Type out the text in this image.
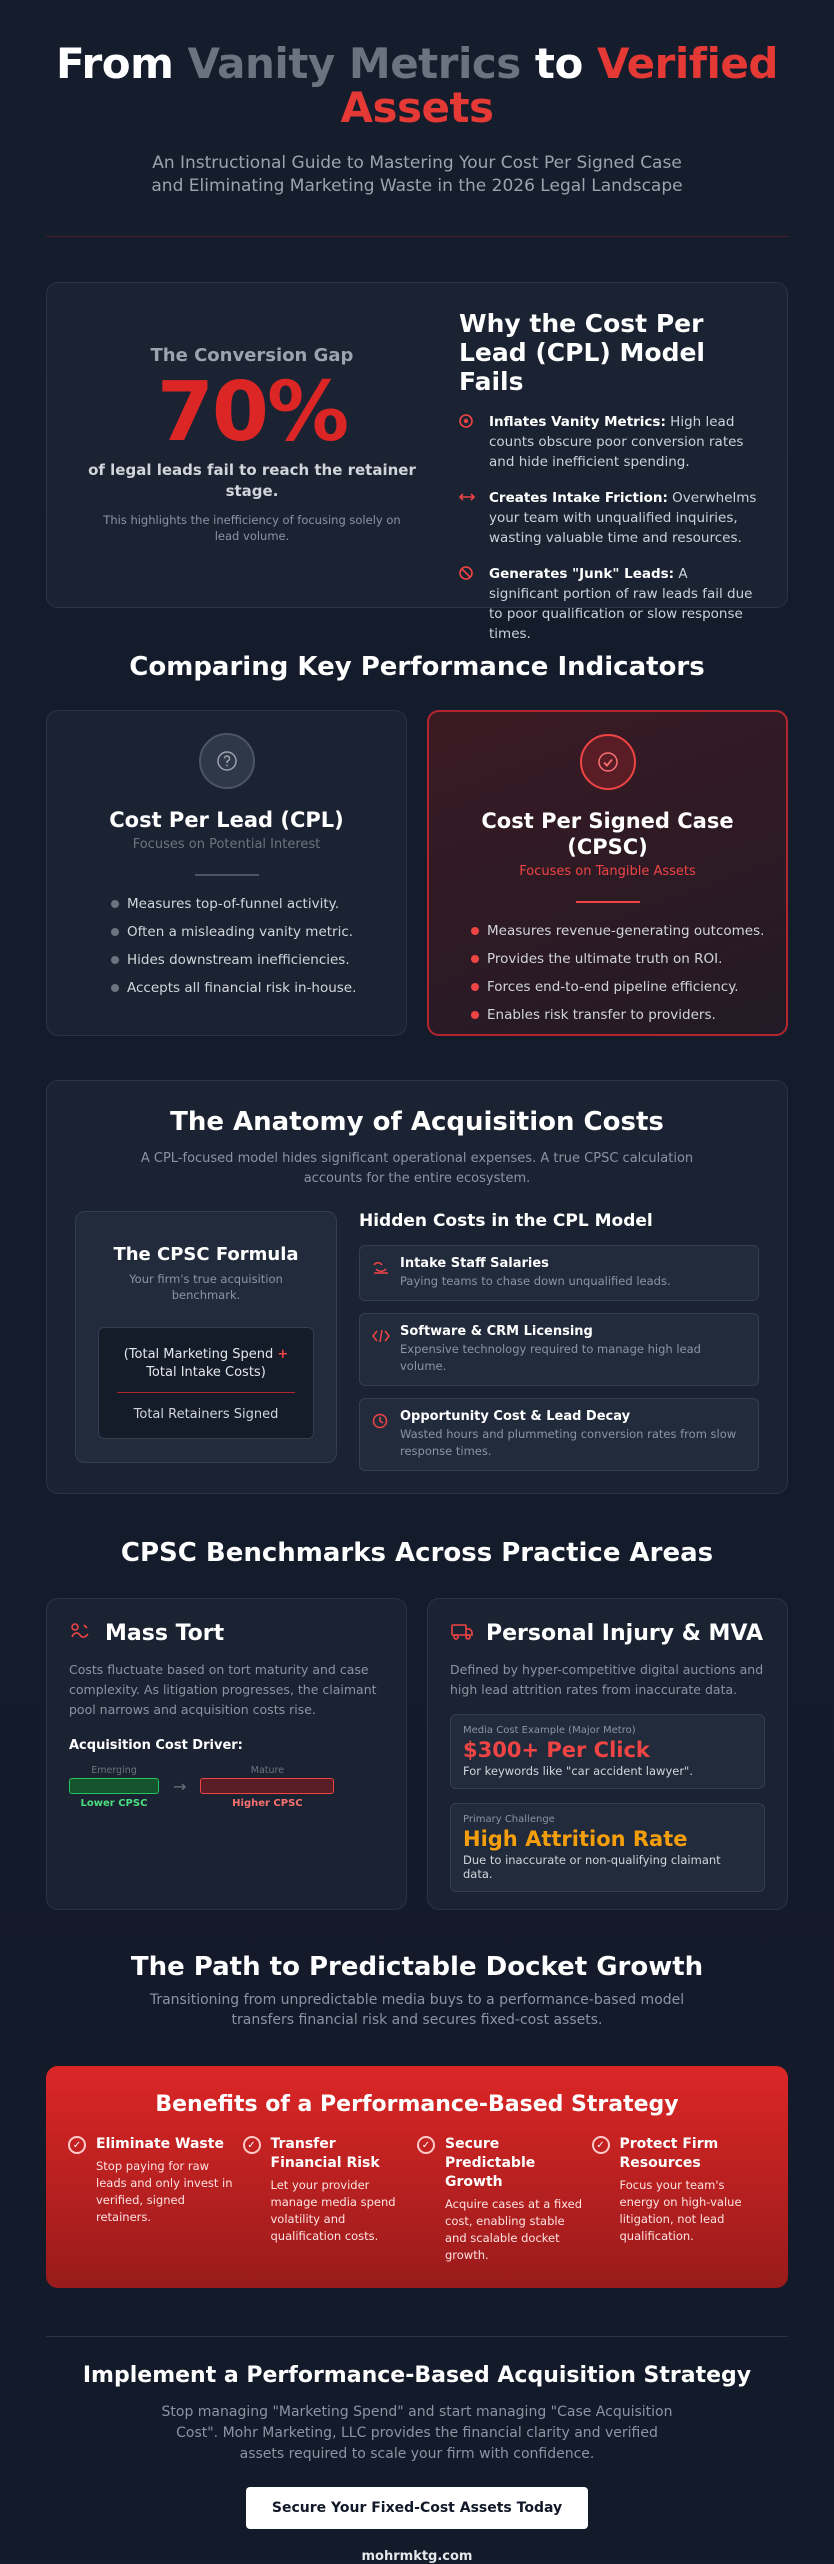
From Vanity Metrics to Verified Assets

An Instructional Guide to Mastering Your Cost Per Signed Case and Eliminating Marketing Waste in the 2026 Legal Landscape

The Conversion Gap
70%
of legal leads fail to reach the retainer stage.
This highlights the inefficiency of focusing solely on lead volume.
Why the Cost Per Lead (CPL) Model Fails

Inflates Vanity Metrics: High lead counts obscure poor conversion rates and hide inefficient spending.

Creates Intake Friction: Overwhelms your team with unqualified inquiries, wasting valuable time and resources.

Generates "Junk" Leads: A significant portion of raw leads fail due to poor qualification or slow response times.

Comparing Key Performance Indicators
Cost Per Lead (CPL)
Focuses on Potential Interest
Measures top-of-funnel activity.
Often a misleading vanity metric.
Hides downstream inefficiencies.
Accepts all financial risk in-house.
Cost Per Signed Case (CPSC)
Focuses on Tangible Assets
Measures revenue-generating outcomes.
Provides the ultimate truth on ROI.
Forces end-to-end pipeline efficiency.
Enables risk transfer to providers.
The Anatomy of Acquisition Costs

A CPL-focused model hides significant operational expenses. A true CPSC calculation accounts for the entire ecosystem.

The CPSC Formula

Your firm's true acquisition benchmark.

(Total Marketing Spend +
Total Intake Costs)
Total Retainers Signed
Hidden Costs in the CPL Model
Intake Staff Salaries
Paying teams to chase down unqualified leads.
Software & CRM Licensing
Expensive technology required to manage high lead volume.
Opportunity Cost & Lead Decay
Wasted hours and plummeting conversion rates from slow response times.
CPSC Benchmarks Across Practice Areas
Mass Tort

Costs fluctuate based on tort maturity and case complexity. As litigation progresses, the claimant pool narrows and acquisition costs rise.

Acquisition Cost Driver:
Emerging
Lower CPSC
→
Mature
Higher CPSC
Personal Injury & MVA

Defined by hyper-competitive digital auctions and high lead attrition rates from inaccurate data.

Media Cost Example (Major Metro)
$300+ Per Click
For keywords like "car accident lawyer".
Primary Challenge
High Attrition Rate
Due to inaccurate or non-qualifying claimant data.
The Path to Predictable Docket Growth

Transitioning from unpredictable media buys to a performance-based model transfers financial risk and secures fixed-cost assets.

Benefits of a Performance-Based Strategy
✓	Eliminate Waste
Stop paying for raw leads and only invest in verified, signed retainers.
✓	Transfer Financial Risk
Let your provider manage media spend volatility and qualification costs.
✓	Secure Predictable Growth
Acquire cases at a fixed cost, enabling stable and scalable docket growth.
✓	Protect Firm Resources
Focus your team's energy on high-value litigation, not lead qualification.
Implement a Performance-Based Acquisition Strategy

Stop managing "Marketing Spend" and start managing "Case Acquisition Cost". Mohr Marketing, LLC provides the financial clarity and verified assets required to scale your firm with confidence.

Secure Your Fixed-Cost Assets Today
mohrmktg.com
